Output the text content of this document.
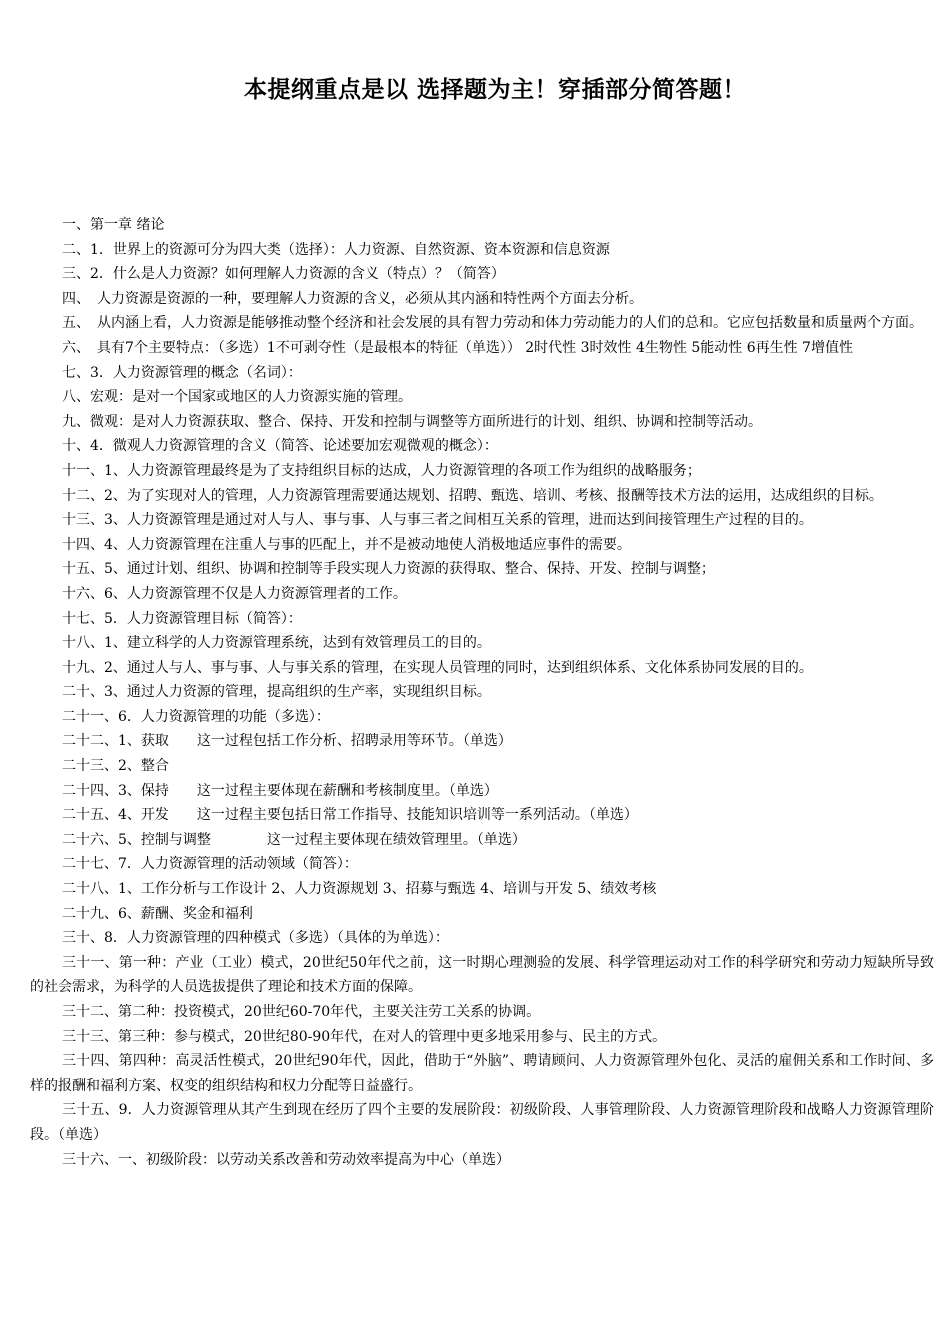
本提纲重点是以 选择题为主！穿插部分简答题！

一、第一章 绪论

二、1．世界上的资源可分为四大类（选择）：人力资源、自然资源、资本资源和信息资源

三、2．什么是人力资源？如何理解人力资源的含义（特点）？（简答）

四、　人力资源是资源的一种，要理解人力资源的含义，必须从其内涵和特性两个方面去分析。

五、　从内涵上看，人力资源是能够推动整个经济和社会发展的具有智力劳动和体力劳动能力的人们的总和。它应包括数量和质量两个方面。

六、　具有7个主要特点：（多选）1不可剥夺性（是最根本的特征（单选）） 2时代性 3时效性 4生物性 5能动性 6再生性 7增值性

七、3．人力资源管理的概念（名词）：

八、宏观：是对一个国家或地区的人力资源实施的管理。

九、微观：是对人力资源获取、整合、保持、开发和控制与调整等方面所进行的计划、组织、协调和控制等活动。

十、4．微观人力资源管理的含义（简答、论述要加宏观微观的概念）：

十一、1、人力资源管理最终是为了支持组织目标的达成，人力资源管理的各项工作为组织的战略服务；

十二、2、为了实现对人的管理，人力资源管理需要通达规划、招聘、甄选、培训、考核、报酬等技术方法的运用，达成组织的目标。

十三、3、人力资源管理是通过对人与人、事与事、人与事三者之间相互关系的管理，进而达到间接管理生产过程的目的。

十四、4、人力资源管理在注重人与事的匹配上，并不是被动地使人消极地适应事件的需要。

十五、5、通过计划、组织、协调和控制等手段实现人力资源的获得取、整合、保持、开发、控制与调整；

十六、6、人力资源管理不仅是人力资源管理者的工作。

十七、5．人力资源管理目标（简答）：

十八、1、建立科学的人力资源管理系统，达到有效管理员工的目的。

十九、2、通过人与人、事与事、人与事关系的管理，在实现人员管理的同时，达到组织体系、文化体系协同发展的目的。

二十、3、通过人力资源的管理，提高组织的生产率，实现组织目标。

二十一、6．人力资源管理的功能（多选）：

二十二、1、获取　　这一过程包括工作分析、招聘录用等环节。（单选）

二十三、2、整合

二十四、3、保持　　这一过程主要体现在薪酬和考核制度里。（单选）

二十五、4、开发　　这一过程主要包括日常工作指导、技能知识培训等一系列活动。（单选）

二十六、5、控制与调整　　　　这一过程主要体现在绩效管理里。（单选）

二十七、7．人力资源管理的活动领域（简答）：

二十八、1、工作分析与工作设计 2、人力资源规划 3、招募与甄选 4、培训与开发 5、绩效考核

二十九、6、薪酬、奖金和福利

三十、8．人力资源管理的四种模式（多选）（具体的为单选）：

三十一、第一种：产业（工业）模式，20世纪50年代之前，这一时期心理测验的发展、科学管理运动对工作的科学研究和劳动力短缺所导致的社会需求，为科学的人员选拔提供了理论和技术方面的保障。

三十二、第二种：投资模式，20世纪60-70年代，主要关注劳工关系的协调。

三十三、第三种：参与模式，20世纪80-90年代，在对人的管理中更多地采用参与、民主的方式。

三十四、第四种：高灵活性模式，20世纪90年代，因此，借助于“外脑”、聘请顾问、人力资源管理外包化、灵活的雇佣关系和工作时间、多样的报酬和福利方案、权变的组织结构和权力分配等日益盛行。

三十五、9．人力资源管理从其产生到现在经历了四个主要的发展阶段：初级阶段、人事管理阶段、人力资源管理阶段和战略人力资源管理阶段。（单选）

三十六、一、初级阶段：以劳动关系改善和劳动效率提高为中心（单选）
